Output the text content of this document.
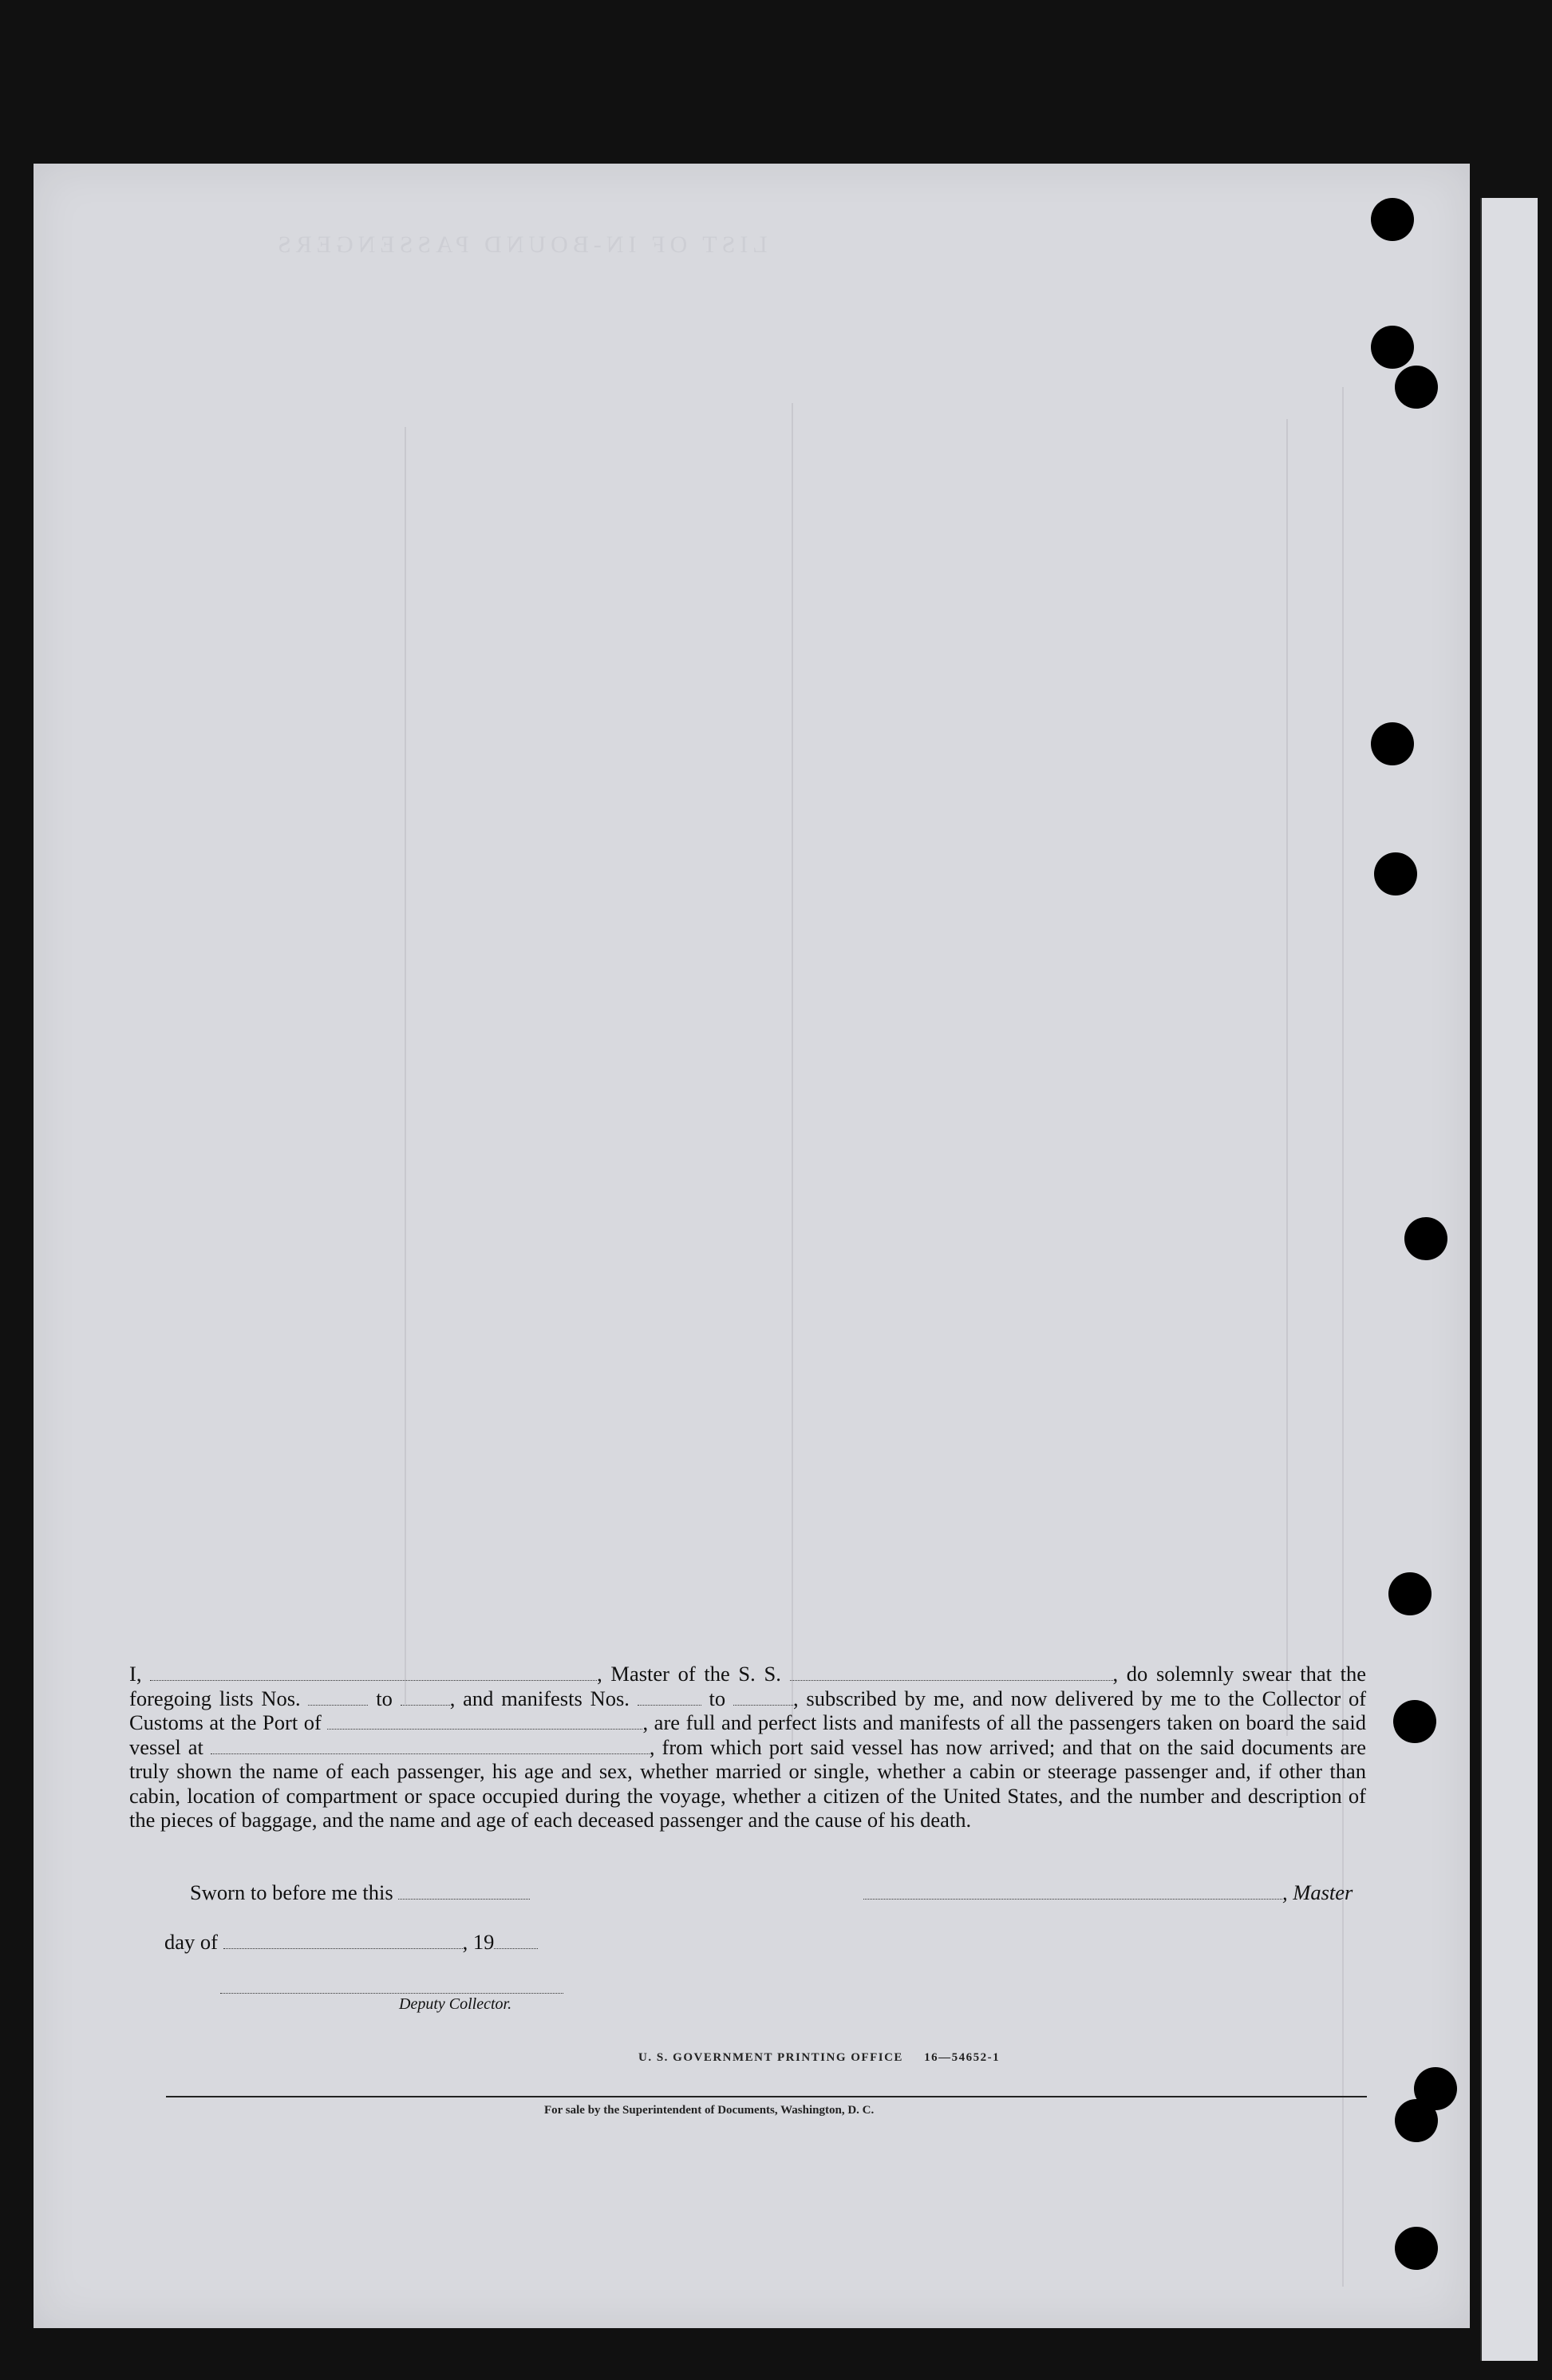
LIST OF IN-BOUND PASSENGERS
I,	, Master of the S. S.	, do solemnly swear that the foregoing lists Nos.	to	, and manifests Nos.	to	, subscribed by me, and now delivered by me to the Collector of Customs at the Port of	, are full and perfect lists and manifests of all the passengers taken on board the said vessel at	, from which port said vessel has now arrived; and that on the said documents are truly shown the name of each passenger, his age and sex, whether married or single, whether a cabin or steerage passenger and, if other than cabin, location of compartment or space occupied during the voyage, whether a citizen of the United States, and the number and description of the pieces of baggage, and the name and age of each deceased passenger and the cause of his death.
Sworn to before me this	, Master
day of	, 19
Deputy Collector.
U. S. GOVERNMENT PRINTING OFFICE 16—54652-1
For sale by the Superintendent of Documents, Washington, D. C.
